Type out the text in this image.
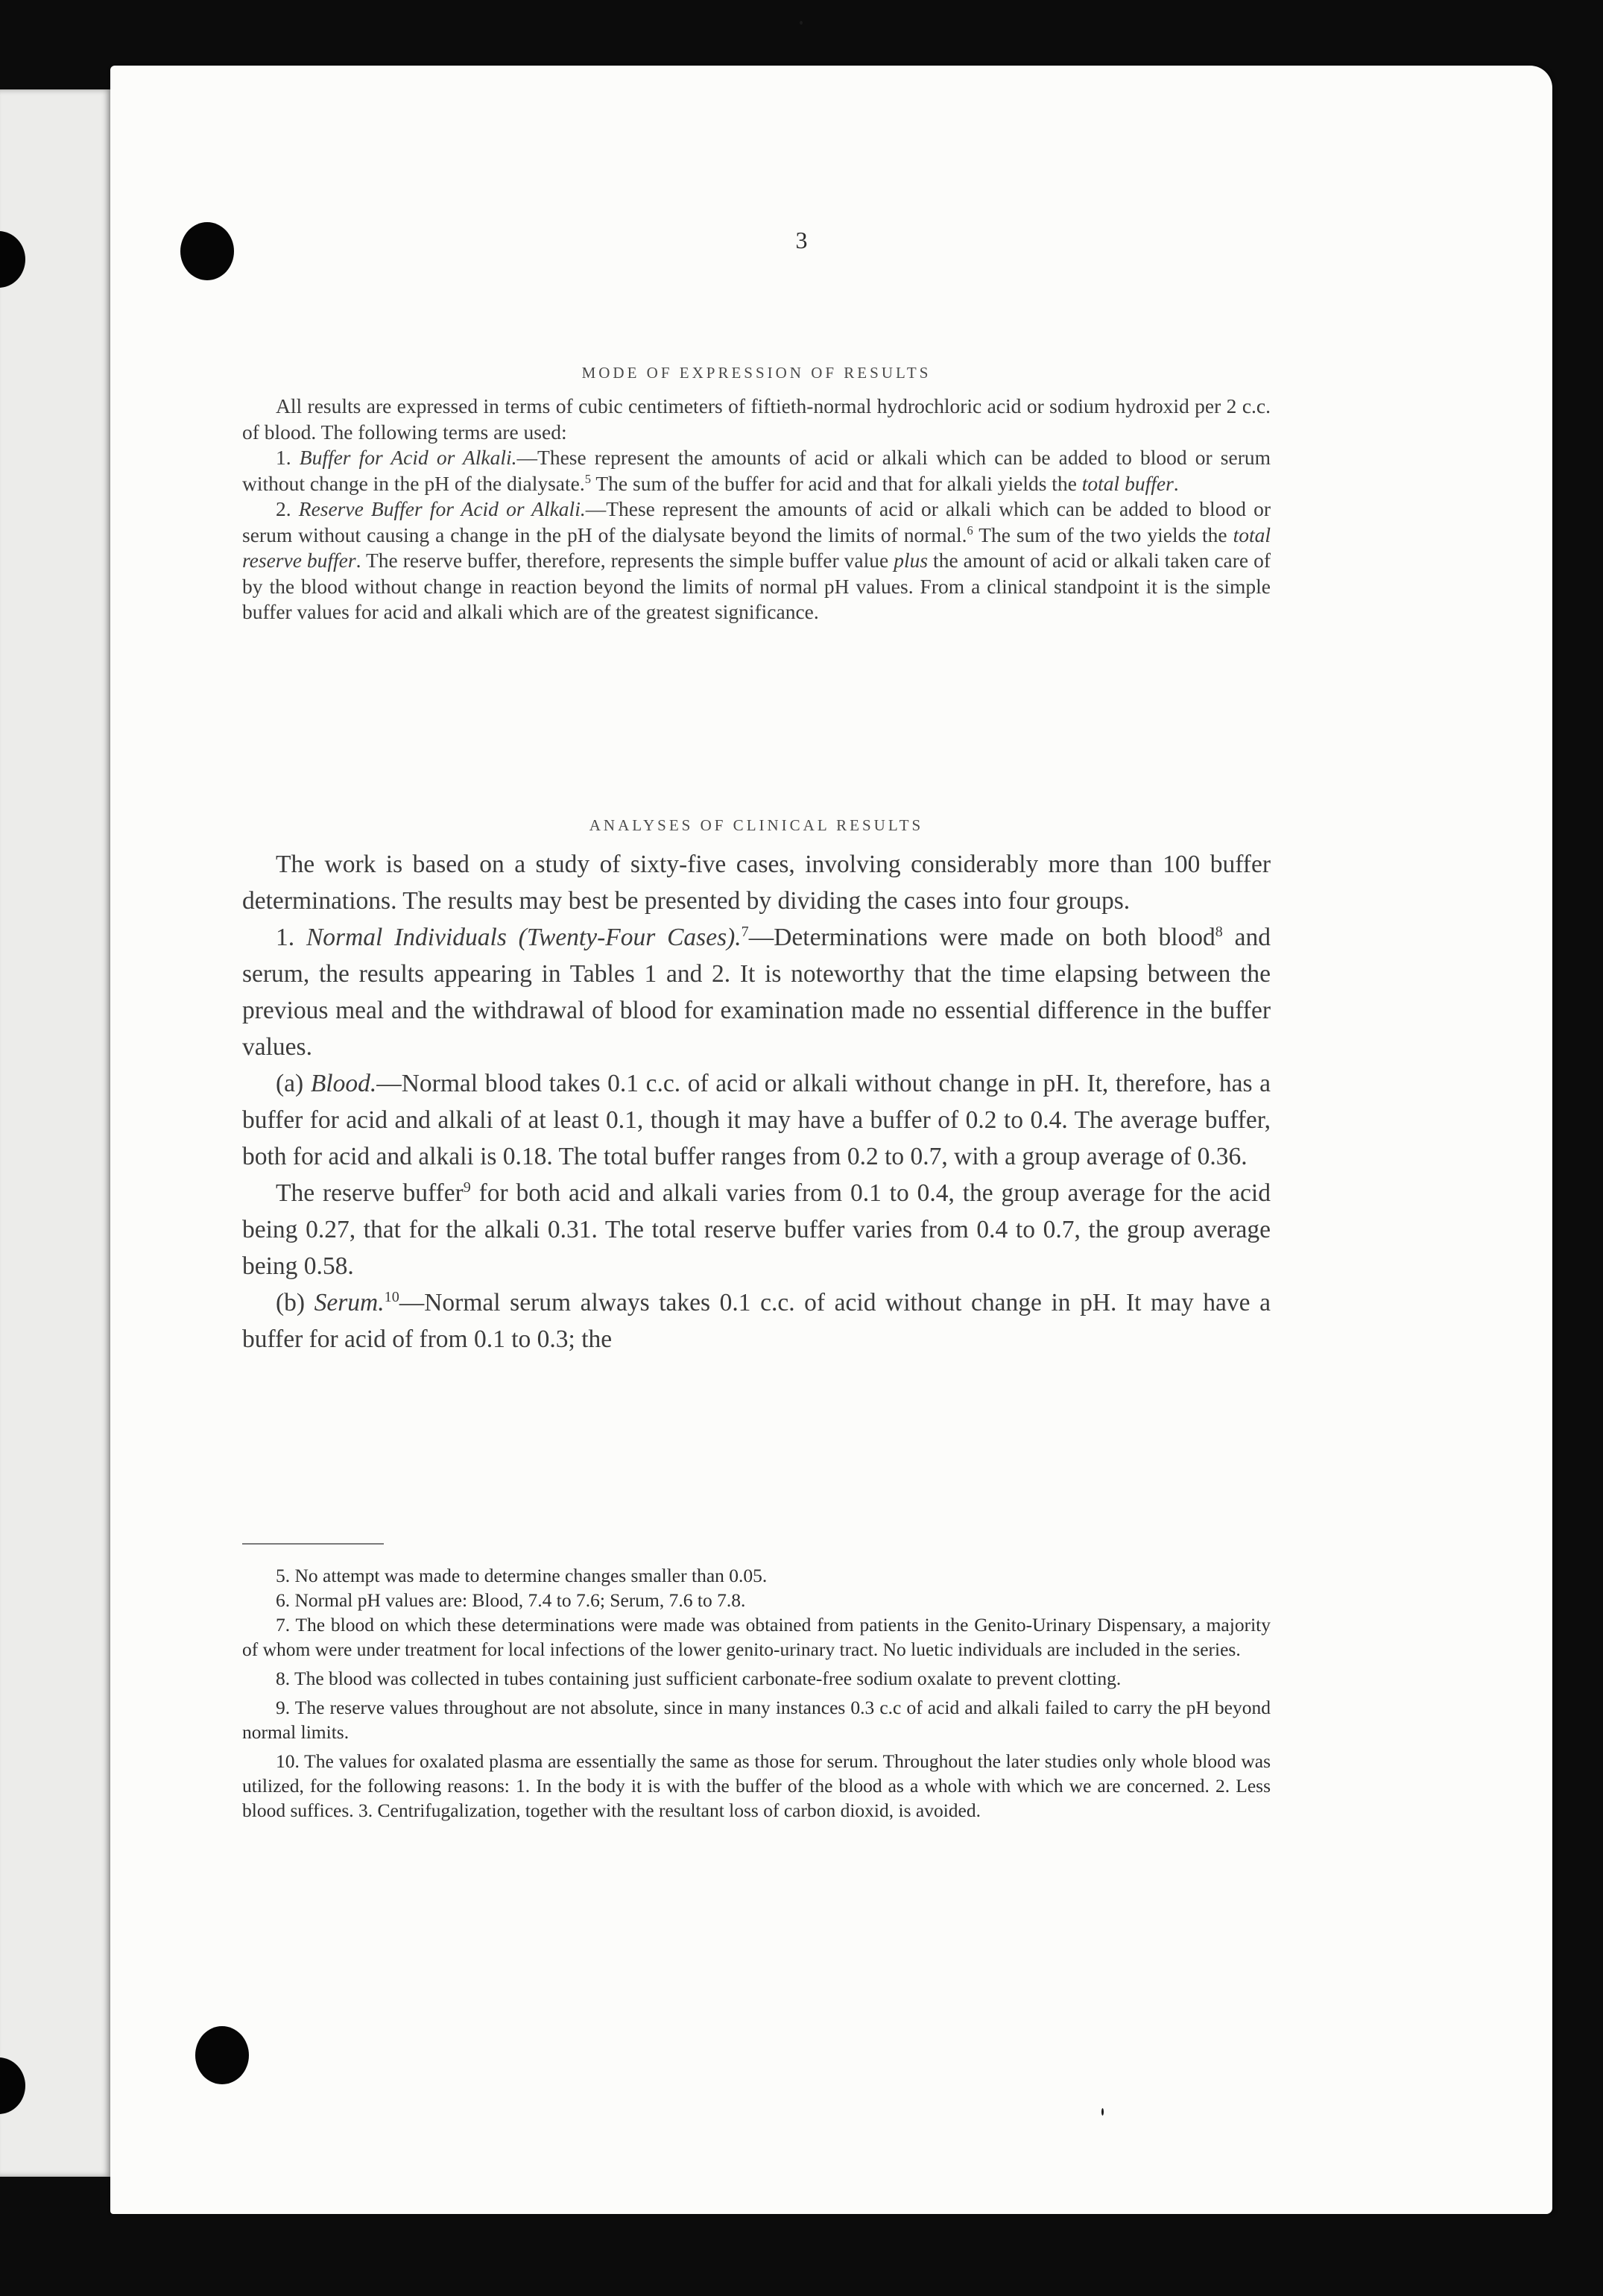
3
MODE OF EXPRESSION OF RESULTS

All results are expressed in terms of cubic centimeters of fiftieth-normal hydrochloric acid or sodium hydroxid per 2 c.c. of blood. The following terms are used:

1. Buffer for Acid or Alkali.—These represent the amounts of acid or alkali which can be added to blood or serum without change in the pH of the dialysate.$^5$ The sum of the buffer for acid and that for alkali yields the total buffer.

2. Reserve Buffer for Acid or Alkali.—These represent the amounts of acid or alkali which can be added to blood or serum without causing a change in the pH of the dialysate beyond the limits of normal.$^6$ The sum of the two yields the total reserve buffer. The reserve buffer, therefore, represents the simple buffer value plus the amount of acid or alkali taken care of by the blood without change in reaction beyond the limits of normal pH values. From a clinical standpoint it is the simple buffer values for acid and alkali which are of the greatest significance.

ANALYSES OF CLINICAL RESULTS

The work is based on a study of sixty-five cases, involving considerably more than 100 buffer determinations. The results may best be presented by dividing the cases into four groups.

1. Normal Individuals (Twenty-Four Cases).$^7$—Determinations were made on both blood$^8$ and serum, the results appearing in Tables 1 and 2. It is noteworthy that the time elapsing between the previous meal and the withdrawal of blood for examination made no essential difference in the buffer values.

(a) Blood.—Normal blood takes 0.1 c.c. of acid or alkali without change in pH. It, therefore, has a buffer for acid and alkali of at least 0.1, though it may have a buffer of 0.2 to 0.4. The average buffer, both for acid and alkali is 0.18. The total buffer ranges from 0.2 to 0.7, with a group average of 0.36.

The reserve buffer$^9$ for both acid and alkali varies from 0.1 to 0.4, the group average for the acid being 0.27, that for the alkali 0.31. The total reserve buffer varies from 0.4 to 0.7, the group average being 0.58.

(b) Serum.$^{10}$—Normal serum always takes 0.1 c.c. of acid without change in pH. It may have a buffer for acid of from 0.1 to 0.3; the

5. No attempt was made to determine changes smaller than 0.05.

6. Normal pH values are: Blood, 7.4 to 7.6; Serum, 7.6 to 7.8.

7. The blood on which these determinations were made was obtained from patients in the Genito-Urinary Dispensary, a majority of whom were under treatment for local infections of the lower genito-urinary tract. No luetic individuals are included in the series.

8. The blood was collected in tubes containing just sufficient carbonate-free sodium oxalate to prevent clotting.

9. The reserve values throughout are not absolute, since in many instances 0.3 c.c of acid and alkali failed to carry the pH beyond normal limits.

10. The values for oxalated plasma are essentially the same as those for serum. Throughout the later studies only whole blood was utilized, for the following reasons: 1. In the body it is with the buffer of the blood as a whole with which we are concerned. 2. Less blood suffices. 3. Centrifugalization, together with the resultant loss of carbon dioxid, is avoided.
